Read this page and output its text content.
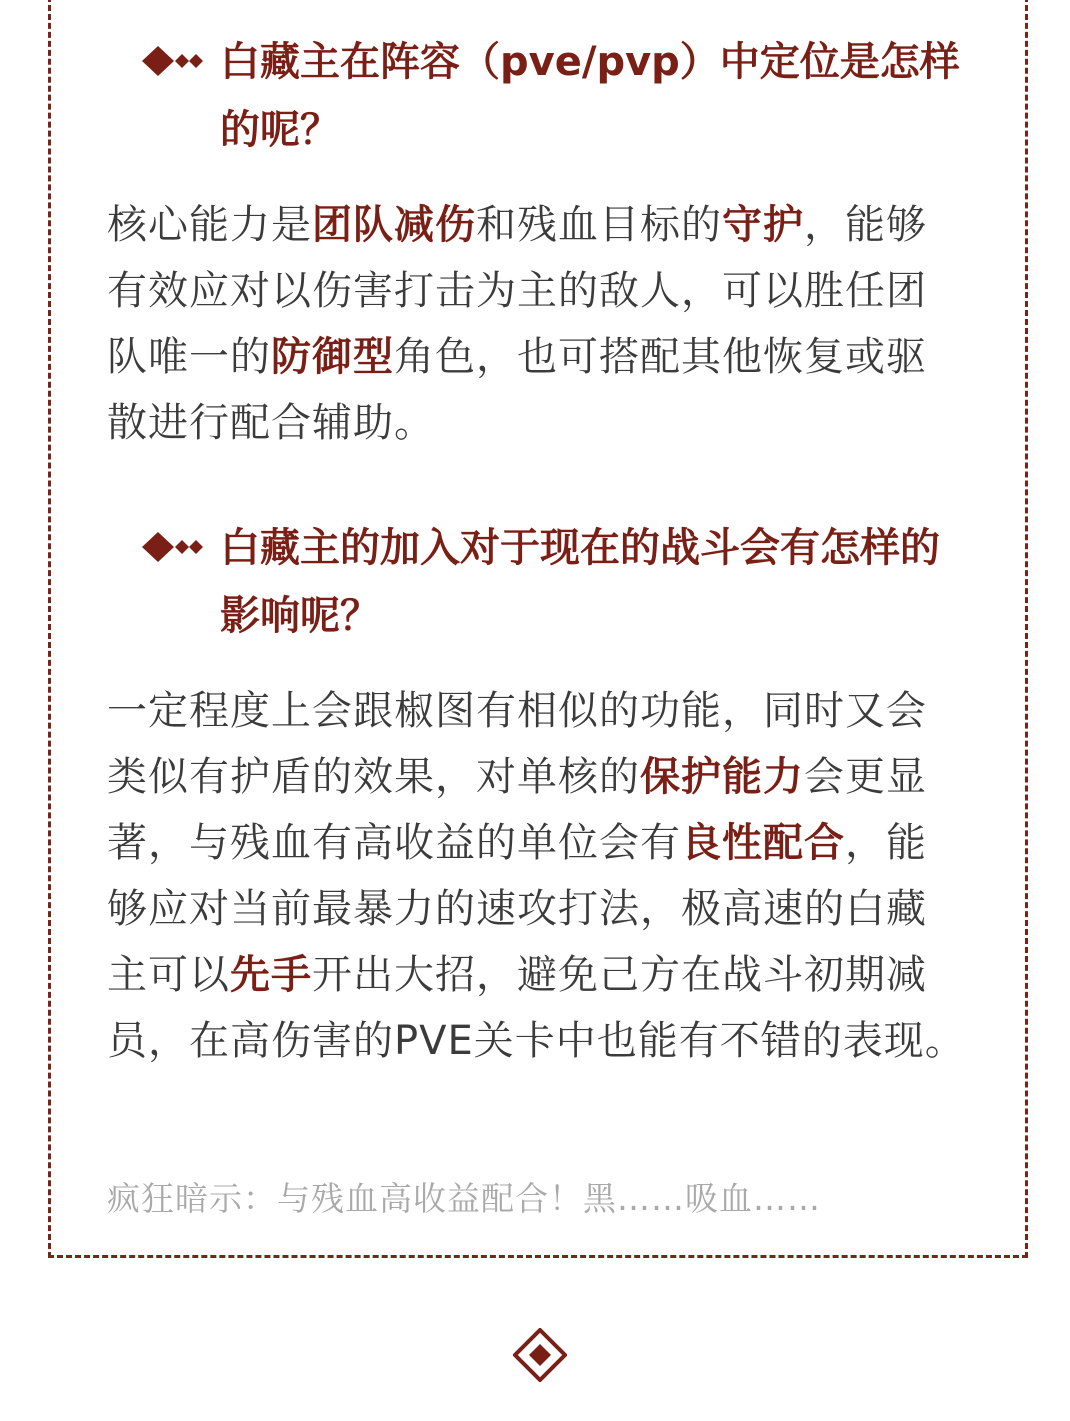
白藏主在阵容（pve/pvp）中定位是怎样的呢？

核心能力是团队减伤和残血目标的守护，能够有效应对以伤害打击为主的敌人，可以胜任团队唯一的防御型角色，也可搭配其他恢复或驱散进行配合辅助。

白藏主的加入对于现在的战斗会有怎样的影响呢？

一定程度上会跟椒图有相似的功能，同时又会类似有护盾的效果，对单核的保护能力会更显著，与残血有高收益的单位会有良性配合，能够应对当前最暴力的速攻打法，极高速的白藏主可以先手开出大招，避免己方在战斗初期减员，在高伤害的PVE关卡中也能有不错的表现。

疯狂暗示：与残血高收益配合！黑……吸血……
